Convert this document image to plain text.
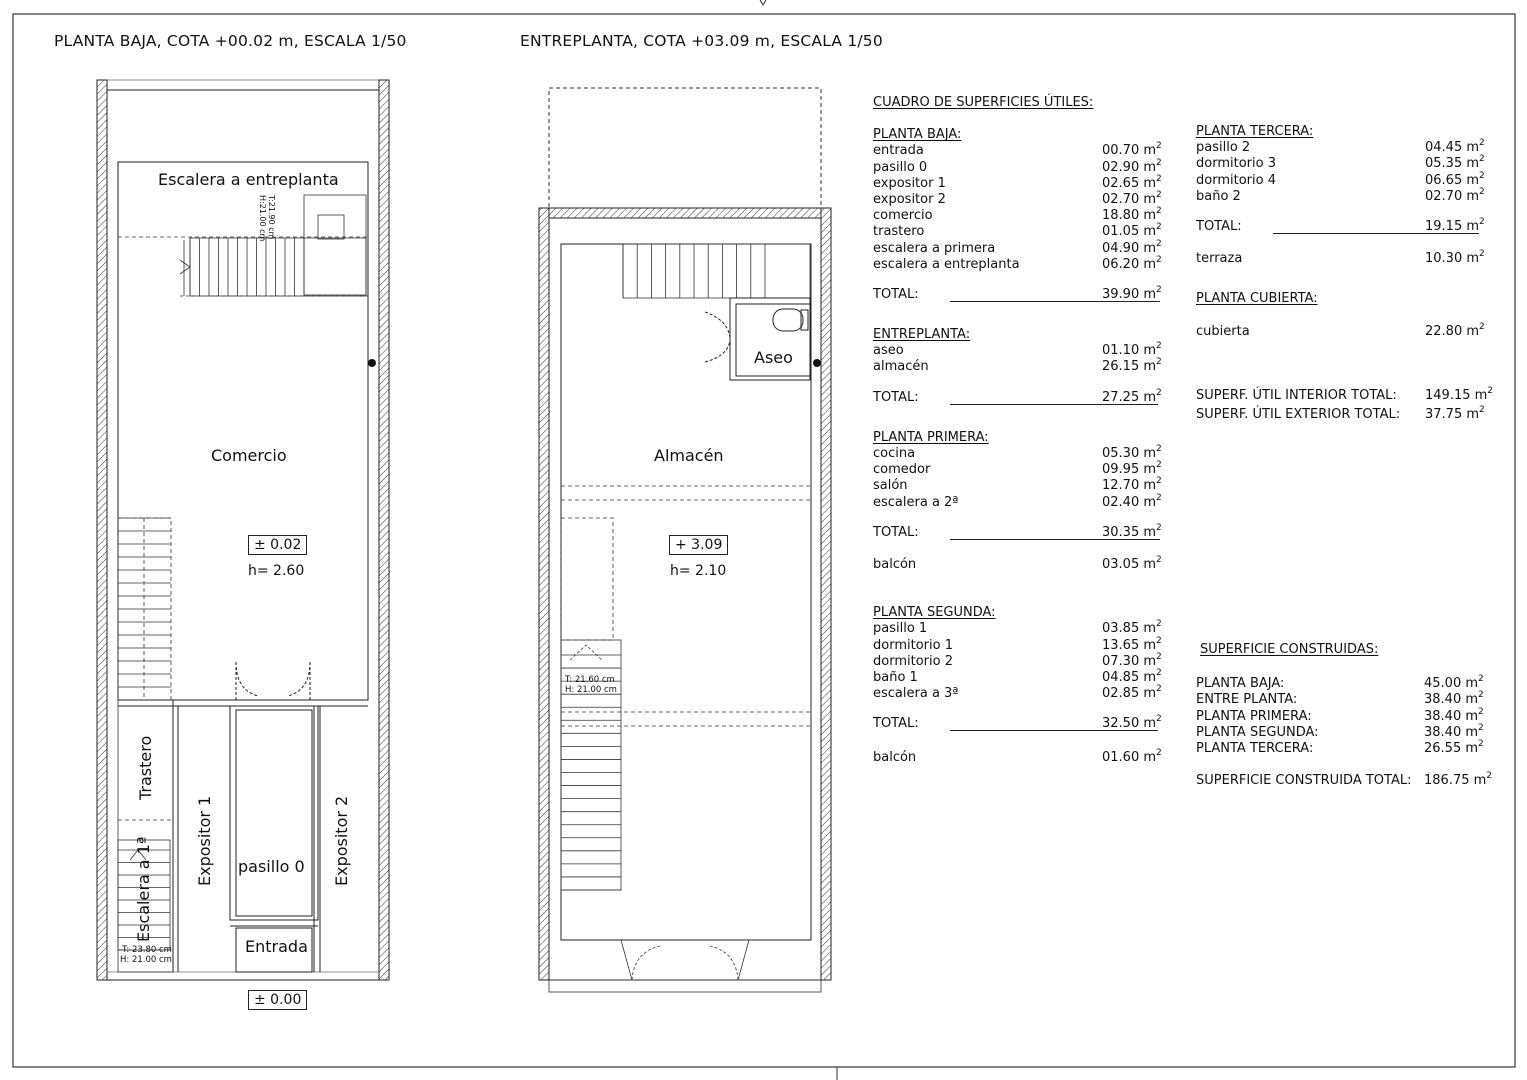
PLANTA BAJA, COTA +00.02 m, ESCALA 1/50	ENTREPLANTA, COTA +03.09 m, ESCALA 1/50
Escalera a entreplanta
T:21.90 cm
H:21.00 cm
Comercio
± 0.02
h= 2.60
Trastero
Escalera a 1ª
T: 23.80 cm
H: 21.00 cm
Expositor 1 pasillo 0 Expositor 2
Entrada
± 0.00
Aseo
Almacén
+ 3.09
h= 2.10
T: 21.60 cm
H: 21.00 cm
CUADRO DE SUPERFICIES ÚTILES:
PLANTA BAJA:
entrada	00.70 $m^2$
pasillo 0	02.90 $m^2$
expositor 1	02.65 $m^2$
expositor 2	02.70 $m^2$
comercio	18.80 $m^2$
trastero	01.05 $m^2$
escalera a primera	04.90 $m^2$
escalera a entreplanta	06.20 $m^2$
TOTAL:	39.90 $m^2$
ENTREPLANTA:
aseo	01.10 $m^2$
almacén	26.15 $m^2$
TOTAL:	27.25 $m^2$
PLANTA PRIMERA:
cocina	05.30 $m^2$
comedor	09.95 $m^2$
salón	12.70 $m^2$
escalera a 2ª	02.40 $m^2$
TOTAL:	30.35 $m^2$
balcón	03.05 $m^2$
PLANTA SEGUNDA:
pasillo 1	03.85 $m^2$
dormitorio 1	13.65 $m^2$
dormitorio 2	07.30 $m^2$
baño 1	04.85 $m^2$
escalera a 3ª	02.85 $m^2$
TOTAL:	32.50 $m^2$
balcón	01.60 $m^2$
PLANTA TERCERA:
pasillo 2	04.45 $m^2$
dormitorio 3	05.35 $m^2$
dormitorio 4	06.65 $m^2$
baño 2	02.70 $m^2$
TOTAL:	19.15 $m^2$
terraza	10.30 $m^2$
PLANTA CUBIERTA:
cubierta	22.80 $m^2$
SUPERF. ÚTIL INTERIOR TOTAL: 149.15 $m^2$
SUPERF. ÚTIL EXTERIOR TOTAL: 37.75 $m^2$
SUPERFICIE CONSTRUIDAS:
PLANTA BAJA:	45.00 $m^2$
ENTRE PLANTA:	38.40 $m^2$
PLANTA PRIMERA:	38.40 $m^2$
PLANTA SEGUNDA:	38.40 $m^2$
PLANTA TERCERA:	26.55 $m^2$
SUPERFICIE CONSTRUIDA TOTAL: 186.75 $m^2$
